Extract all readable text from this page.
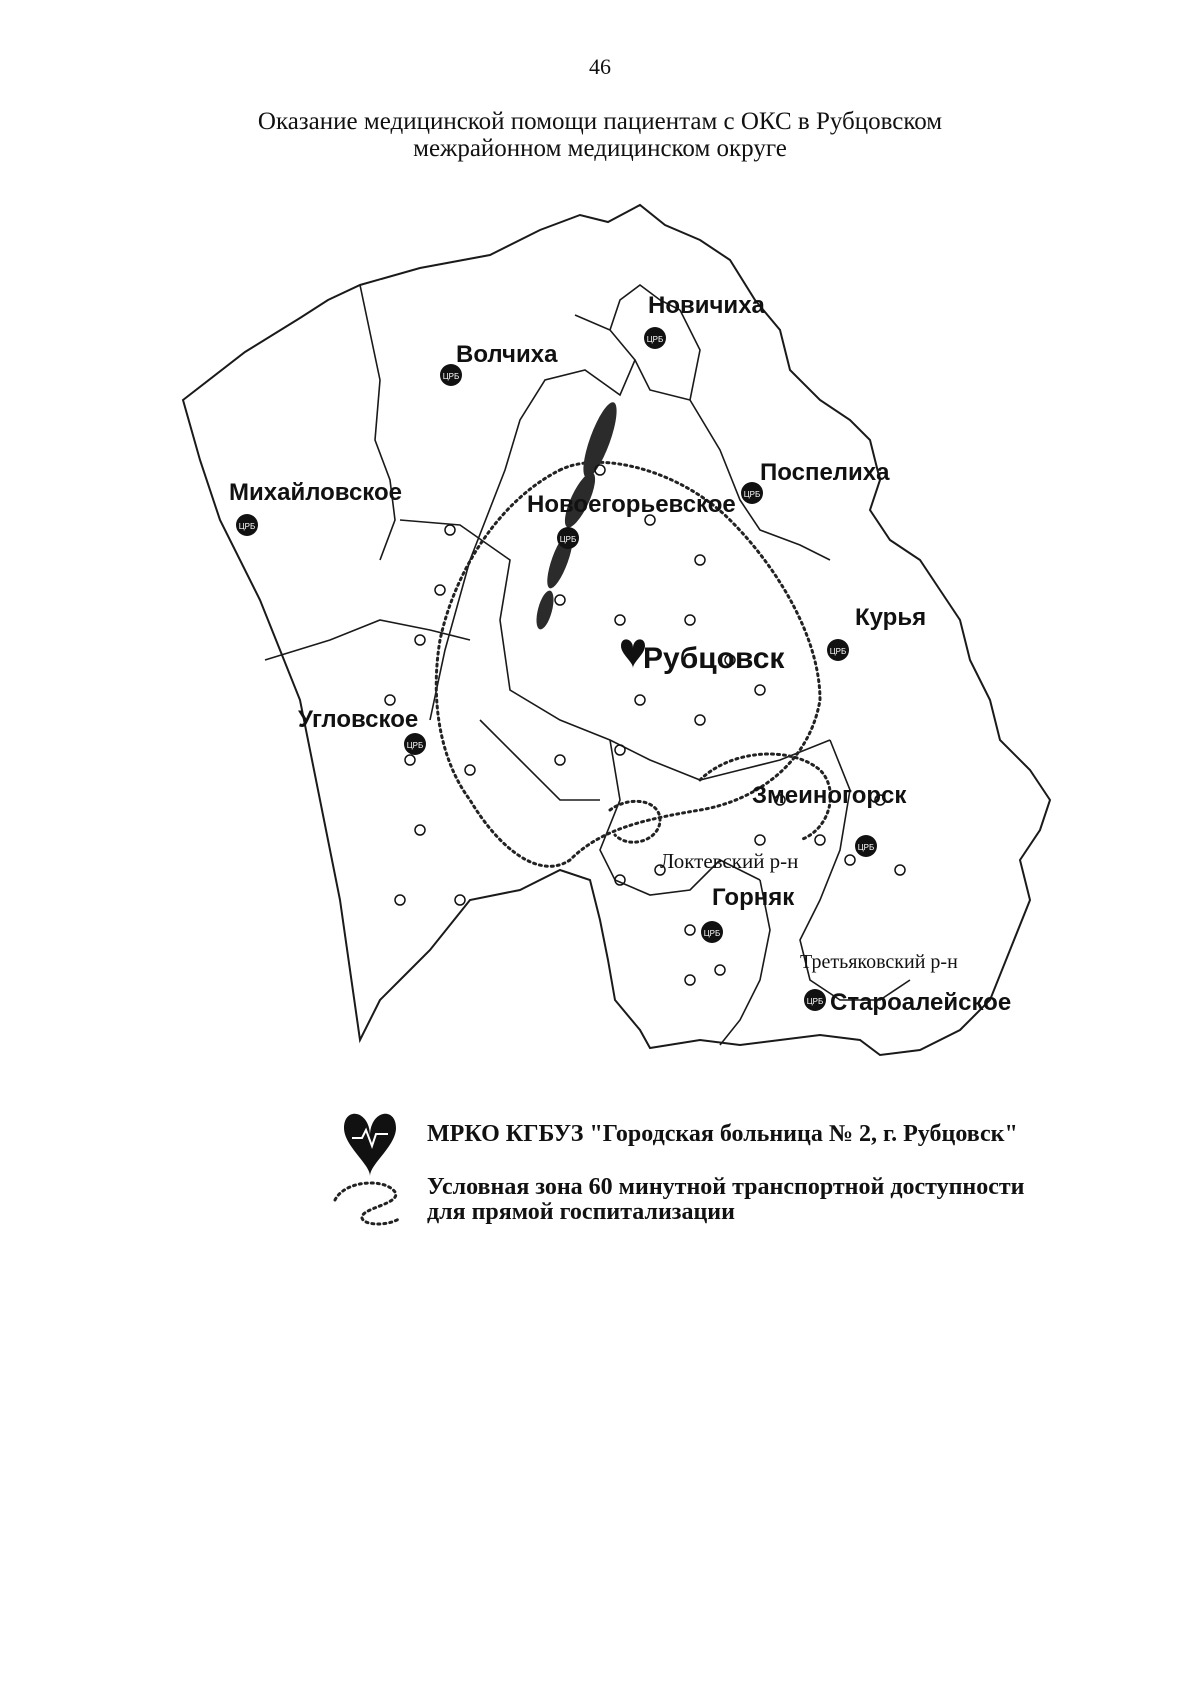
46
Оказание медицинской помощи пациентам с ОКС в Рубцовском
межрайонном медицинском округе
ЦРБ
ЦРБ
ЦРБ
ЦРБ
ЦРБ
ЦРБ
ЦРБ
ЦРБ
ЦРБ
ЦРБ
Новичиха
Волчиха
Михайловское	Новоегорьевское
Поспелиха
Курья
Рубцовск
Угловское
Змеиногорск
Горняк
Староалейское
Локтевский р-н
Третьяковский р-н
МРКО КГБУЗ "Городская больница № 2, г. Рубцовск"
Условная зона 60 минутной транспортной доступности
для прямой госпитализации
